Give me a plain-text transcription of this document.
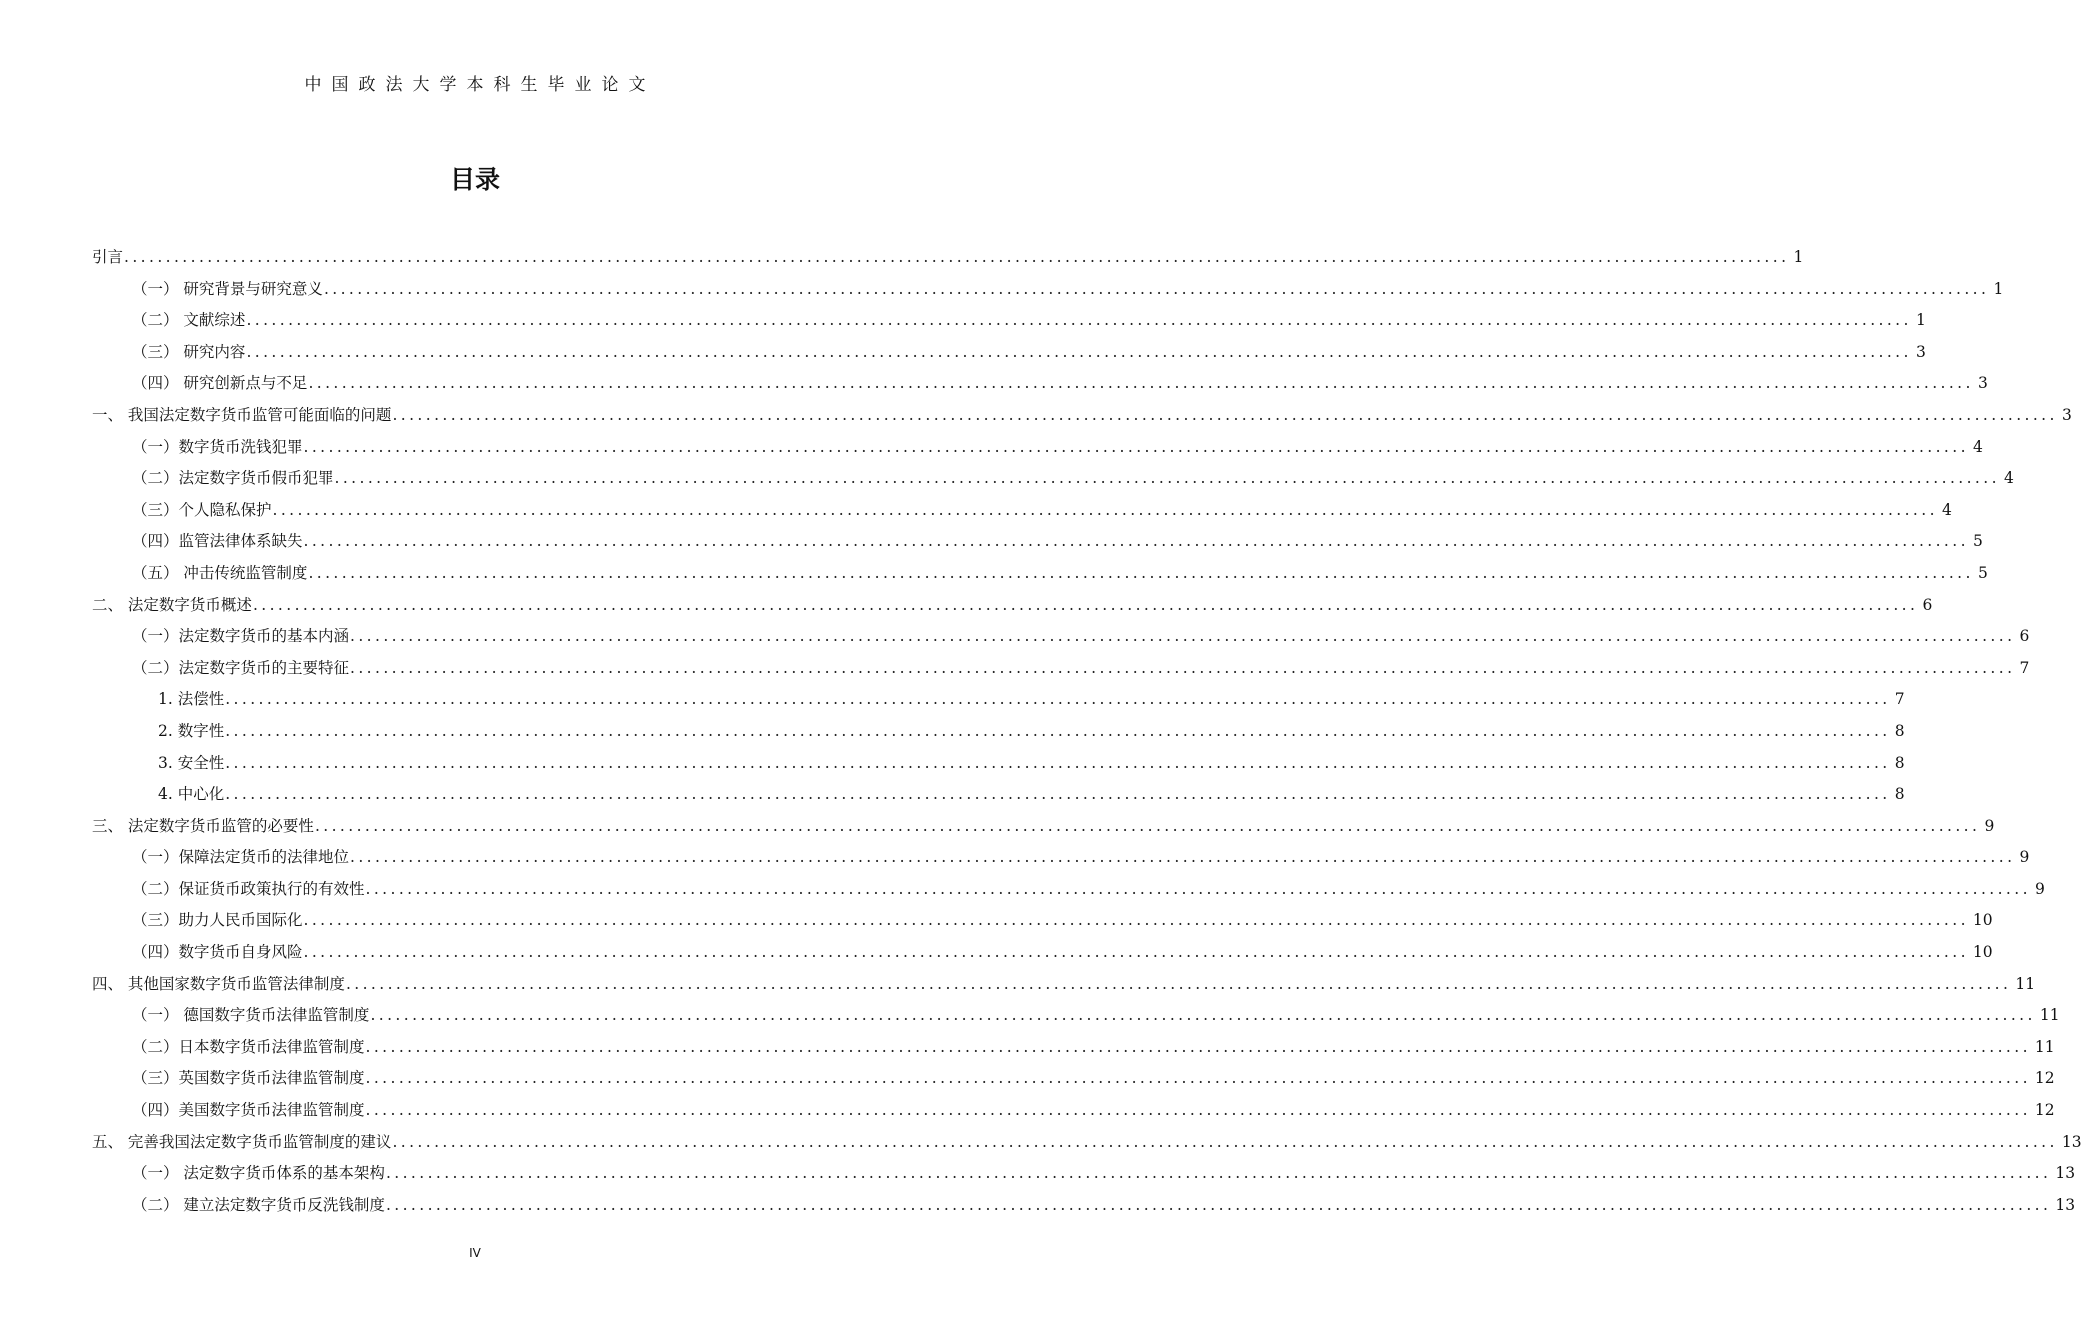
中国政法大学本科生毕业论文
目录
引言 ........................................................................................................................................................................................................ 1
（一） 研究背景与研究意义 ........................................................................................................................................................................................................ 1
（二） 文献综述 ........................................................................................................................................................................................................ 1
（三） 研究内容 ........................................................................................................................................................................................................ 3
（四） 研究创新点与不足 ........................................................................................................................................................................................................ 3
一、 我国法定数字货币监管可能面临的问题 ........................................................................................................................................................................................................ 3
（一）数字货币洗钱犯罪 ........................................................................................................................................................................................................ 4
（二）法定数字货币假币犯罪 ........................................................................................................................................................................................................ 4
（三）个人隐私保护 ........................................................................................................................................................................................................ 4
（四）监管法律体系缺失 ........................................................................................................................................................................................................ 5
（五） 冲击传统监管制度 ........................................................................................................................................................................................................ 5
二、 法定数字货币概述 ........................................................................................................................................................................................................ 6
（一）法定数字货币的基本内涵 ........................................................................................................................................................................................................ 6
（二）法定数字货币的主要特征 ........................................................................................................................................................................................................ 7
1. 法偿性 ........................................................................................................................................................................................................ 7
2. 数字性 ........................................................................................................................................................................................................ 8
3. 安全性 ........................................................................................................................................................................................................ 8
4. 中心化 ........................................................................................................................................................................................................ 8
三、 法定数字货币监管的必要性 ........................................................................................................................................................................................................ 9
（一）保障法定货币的法律地位 ........................................................................................................................................................................................................ 9
（二）保证货币政策执行的有效性 ........................................................................................................................................................................................................ 9
（三）助力人民币国际化 ........................................................................................................................................................................................................ 10
（四）数字货币自身风险 ........................................................................................................................................................................................................ 10
四、 其他国家数字货币监管法律制度 ........................................................................................................................................................................................................ 11
（一） 德国数字货币法律监管制度 ........................................................................................................................................................................................................ 11
（二）日本数字货币法律监管制度 ........................................................................................................................................................................................................ 11
（三）英国数字货币法律监管制度 ........................................................................................................................................................................................................ 12
（四）美国数字货币法律监管制度 ........................................................................................................................................................................................................ 12
五、 完善我国法定数字货币监管制度的建议 ........................................................................................................................................................................................................ 13
（一） 法定数字货币体系的基本架构 ........................................................................................................................................................................................................ 13
（二） 建立法定数字货币反洗钱制度 ........................................................................................................................................................................................................ 13
IV
